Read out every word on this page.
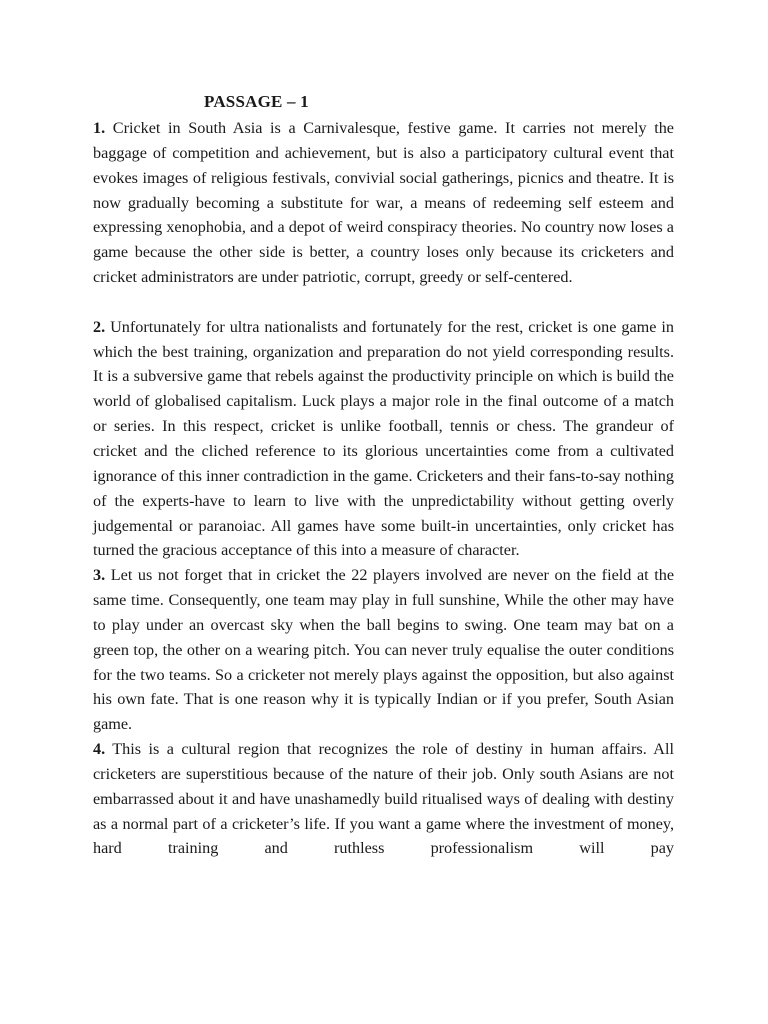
PASSAGE – 1

1. Cricket in South Asia is a Carnivalesque, festive game. It carries not merely the baggage of competition and achievement, but is also a participatory cultural event that evokes images of religious festivals, convivial social gatherings, picnics and theatre. It is now gradually becoming a substitute for war, a means of redeeming self esteem and expressing xenophobia, and a depot of weird conspiracy theories. No country now loses a game because the other side is better, a country loses only because its cricketers and cricket administrators are under patriotic, corrupt, greedy or self-centered.

2. Unfortunately for ultra nationalists and fortunately for the rest, cricket is one game in which the best training, organization and preparation do not yield corresponding results. It is a subversive game that rebels against the productivity principle on which is build the world of globalised capitalism. Luck plays a major role in the final outcome of a match or series. In this respect, cricket is unlike football, tennis or chess. The grandeur of cricket and the cliched reference to its glorious uncertainties come from a cultivated ignorance of this inner contradiction in the game. Cricketers and their fans-to-say nothing of the experts-have to learn to live with the unpredictability without getting overly judgemental or paranoiac. All games have some built-in uncertainties, only cricket has turned the gracious acceptance of this into a measure of character.

3. Let us not forget that in cricket the 22 players involved are never on the field at the same time. Consequently, one team may play in full sunshine, While the other may have to play under an overcast sky when the ball begins to swing. One team may bat on a green top, the other on a wearing pitch. You can never truly equalise the outer conditions for the two teams. So a cricketer not merely plays against the opposition, but also against his own fate. That is one reason why it is typically Indian or if you prefer, South Asian game.

4. This is a cultural region that recognizes the role of destiny in human affairs. All cricketers are superstitious because of the nature of their job. Only south Asians are not embarrassed about it and have unashamedly build ritualised ways of dealing with destiny as a normal part of a cricketer’s life. If you want a game where the investment of money, hard training and ruthless professionalism will pay
